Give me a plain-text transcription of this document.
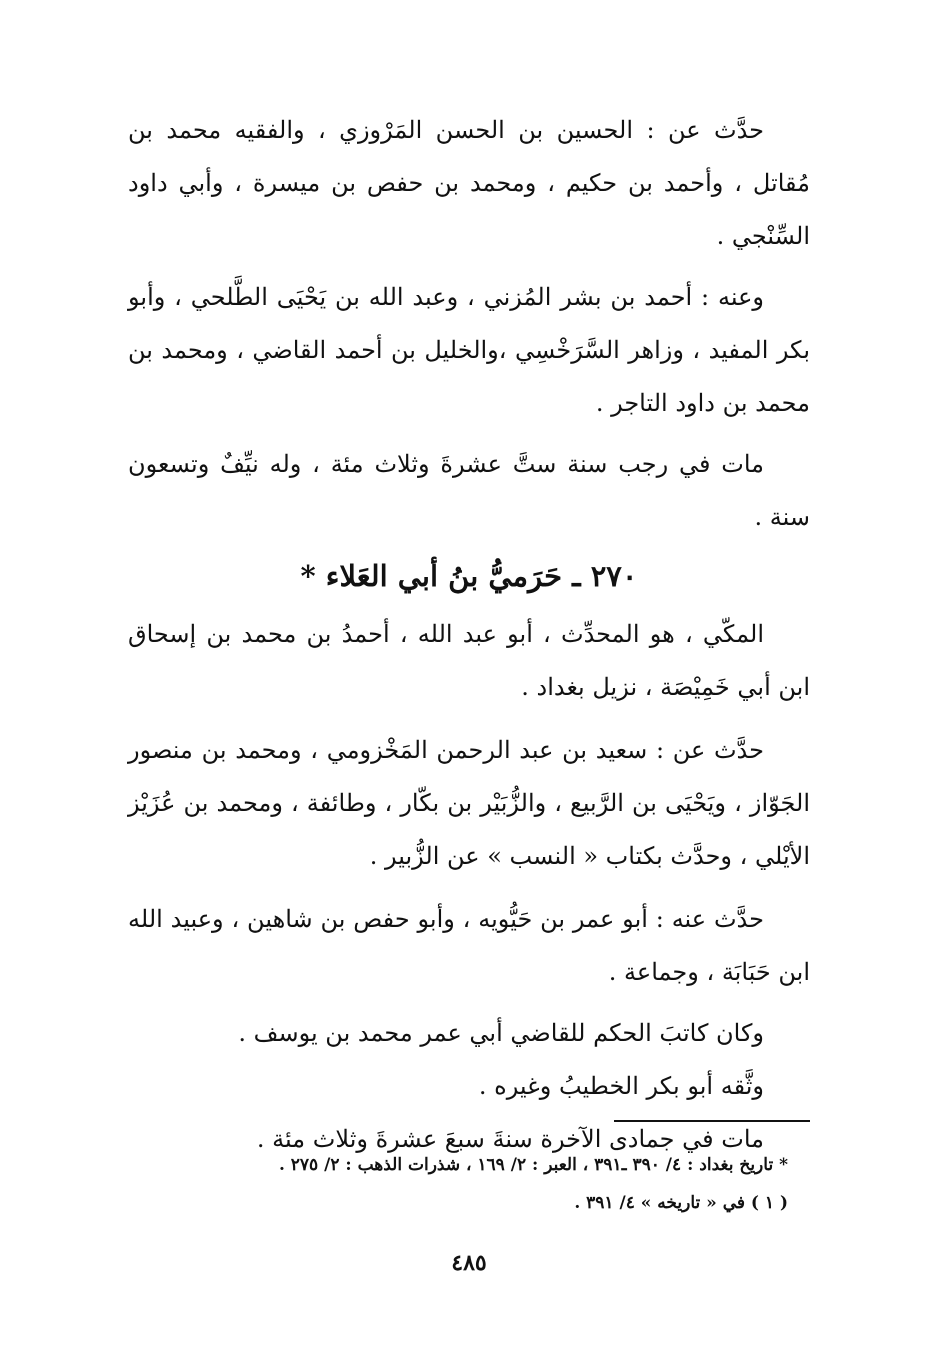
حدَّث عن : الحسين بن الحسن المَرْوزي ، والفقيه محمد بن مُقاتل ، وأحمد بن حكيم ، ومحمد بن حفص بن ميسرة ، وأبي داود السِّنْجي .

وعنه : أحمد بن بشر المُزني ، وعبد الله بن يَحْيَى الطَّلحي ، وأبو بكر المفيد ، وزاهر السَّرَخْسِي ،والخليل بن أحمد القاضي ، ومحمد بن محمد بن داود التاجر .

مات في رجب سنة ستَّ عشرةَ وثلاث مئة ، وله نيِّفٌ وتسعون سنة .

٢٧٠ ـ حَرَميُّ بنُ أبي العَلاء *

المكّي ، هو المحدِّث ، أبو عبد الله ، أحمدُ بن محمد بن إسحاق ابن أبي خَمِيْصَة ، نزيل بغداد .

حدَّث عن : سعيد بن عبد الرحمن المَخْزومي ، ومحمد بن منصور الجَوّاز ، ويَحْيَى بن الرَّبيع ، والزُّبَيْر بن بكّار ، وطائفة ، ومحمد بن عُزَيْز الأيْلي ، وحدَّث بكتاب « النسب » عن الزُّبير .

حدَّث عنه : أبو عمر بن حَيُّويه ، وأبو حفص بن شاهين ، وعبيد الله ابن حَبَابَة ، وجماعة .

وكان كاتبَ الحكم للقاضي أبي عمر محمد بن يوسف .

وثَّقه أبو بكر الخطيبُ وغيره .

مات في جمادى الآخرة سنةَ سبعَ عشرةَ وثلاث مئة .

* تاريخ بغداد : ٤/ ٣٩٠ ـ٣٩١ ، العبر : ٢/ ١٦٩ ، شذرات الذهب : ٢/ ٢٧٥ .

( ١ ) في « تاريخه » ٤/ ٣٩١ .

٤٨٥
